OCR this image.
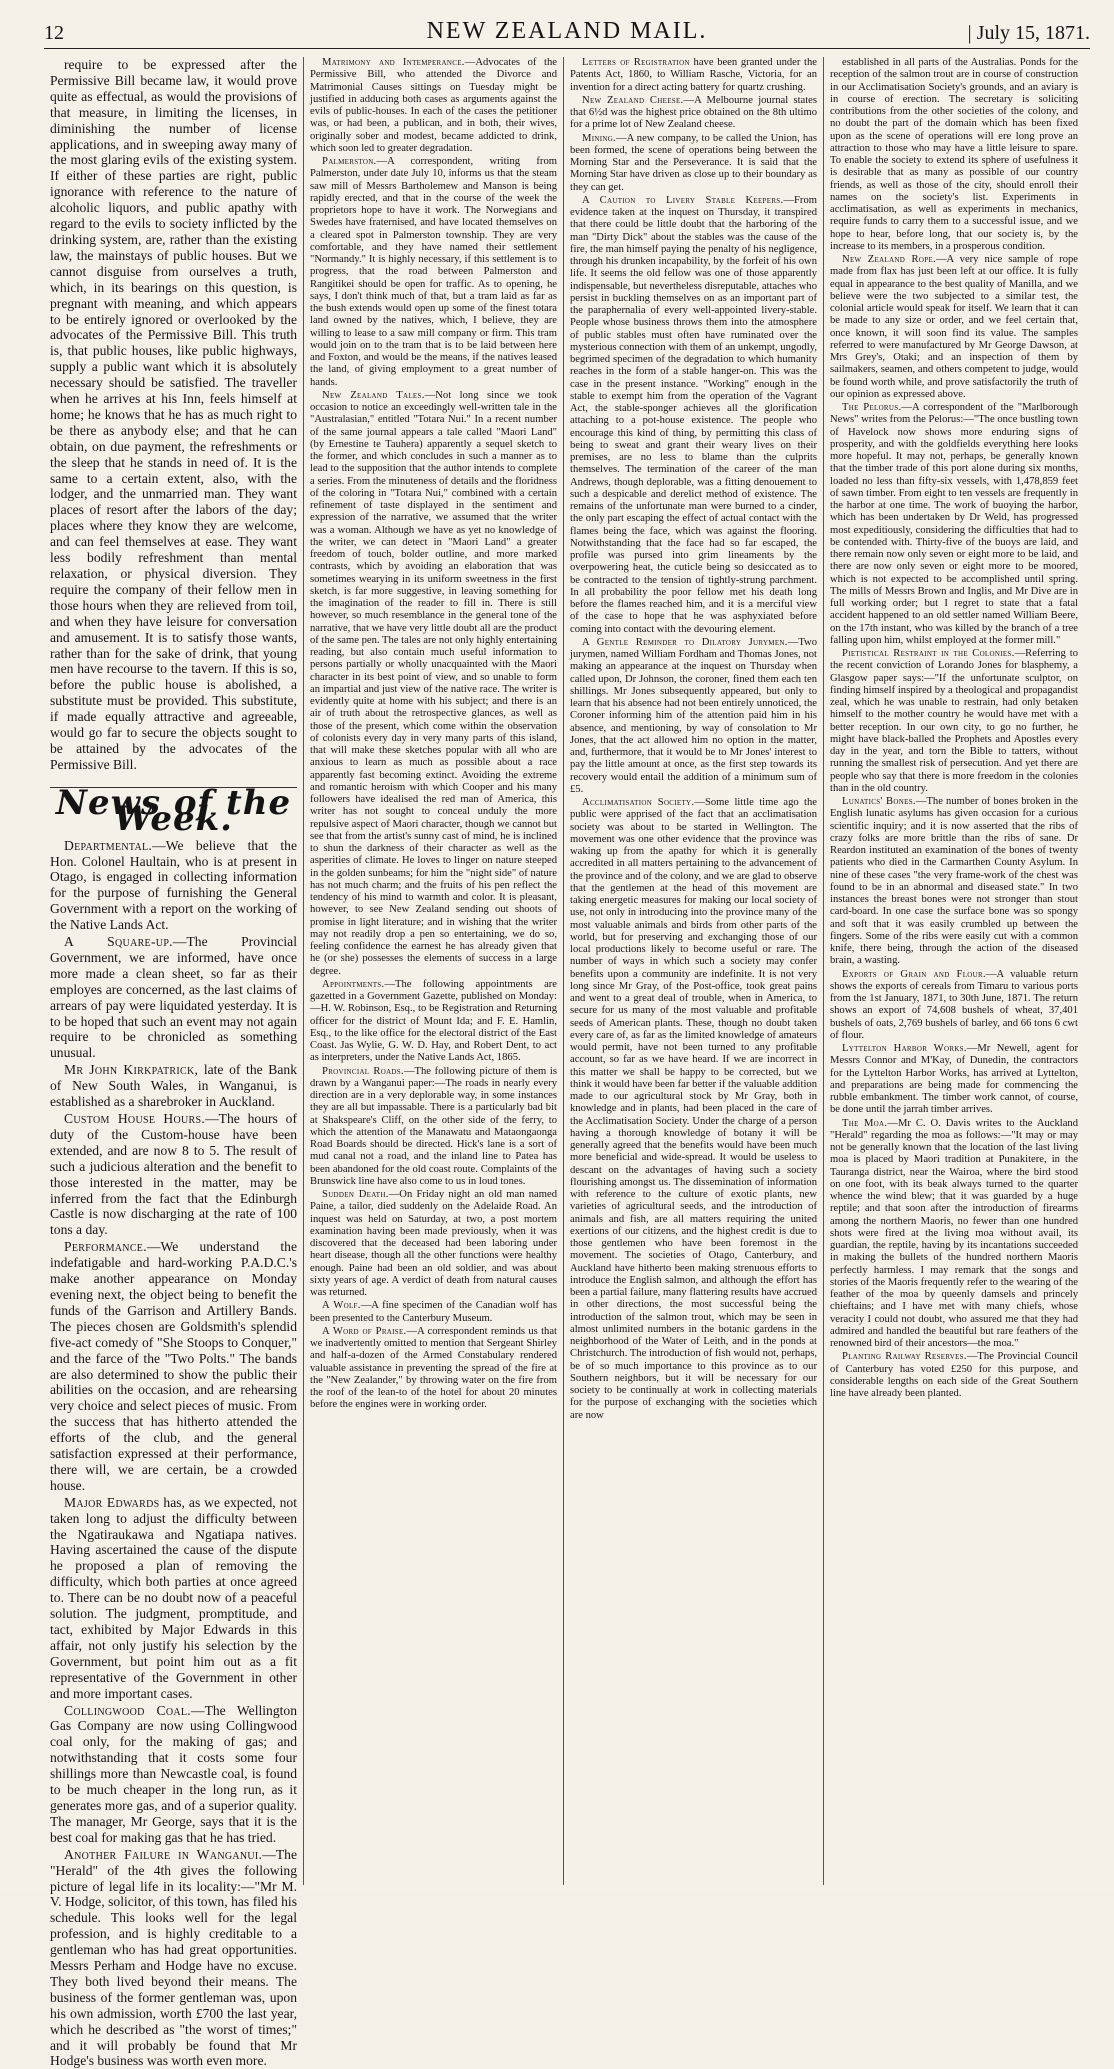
12	NEW ZEALAND MAIL.
|	July 15, 1871.

require to be expressed after the Permissive Bill became law, it would prove quite as effectual, as would the provisions of that measure, in limiting the licenses, in diminishing the number of license applications, and in sweeping away many of the most glaring evils of the existing system. If either of these parties are right, public ignorance with reference to the nature of alcoholic liquors, and public apathy with regard to the evils to society inflicted by the drinking system, are, rather than the existing law, the mainstays of public houses. But we cannot disguise from ourselves a truth, which, in its bearings on this question, is pregnant with meaning, and which appears to be entirely ignored or overlooked by the advocates of the Permissive Bill. This truth is, that public houses, like public highways, supply a public want which it is absolutely necessary should be satisfied. The traveller when he arrives at his Inn, feels himself at home; he knows that he has as much right to be there as anybody else; and that he can obtain, on due payment, the refreshments or the sleep that he stands in need of. It is the same to a certain extent, also, with the lodger, and the unmarried man. They want places of resort after the labors of the day; places where they know they are welcome, and can feel themselves at ease. They want less bodily refreshment than mental relaxation, or physical diversion. They require the company of their fellow men in those hours when they are relieved from toil, and when they have leisure for conversation and amusement. It is to satisfy those wants, rather than for the sake of drink, that young men have recourse to the tavern. If this is so, before the public house is abolished, a substitute must be provided. This substitute, if made equally attractive and agreeable, would go far to secure the objects sought to be attained by the advocates of the Permissive Bill.

News of the Week.

Departmental.—We believe that the Hon. Colonel Haultain, who is at present in Otago, is engaged in collecting information for the purpose of furnishing the General Government with a report on the working of the Native Lands Act.

A Square-up.—The Provincial Government, we are informed, have once more made a clean sheet, so far as their employes are concerned, as the last claims of arrears of pay were liquidated yesterday. It is to be hoped that such an event may not again require to be chronicled as something unusual.

Mr John Kirkpatrick, late of the Bank of New South Wales, in Wanganui, is established as a sharebroker in Auckland.

Custom House Hours.—The hours of duty of the Custom-house have been extended, and are now 8 to 5. The result of such a judicious alteration and the benefit to those interested in the matter, may be inferred from the fact that the Edinburgh Castle is now discharging at the rate of 100 tons a day.

Performance.—We understand the indefatigable and hard-working P.A.D.C.'s make another appearance on Monday evening next, the object being to benefit the funds of the Garrison and Artillery Bands. The pieces chosen are Goldsmith's splendid five-act comedy of "She Stoops to Conquer," and the farce of the "Two Polts." The bands are also determined to show the public their abilities on the occasion, and are rehearsing very choice and select pieces of music. From the success that has hitherto attended the efforts of the club, and the general satisfaction expressed at their performance, there will, we are certain, be a crowded house.

Major Edwards has, as we expected, not taken long to adjust the difficulty between the Ngatiraukawa and Ngatiapa natives. Having ascertained the cause of the dispute he proposed a plan of removing the difficulty, which both parties at once agreed to. There can be no doubt now of a peaceful solution. The judgment, promptitude, and tact, exhibited by Major Edwards in this affair, not only justify his selection by the Government, but point him out as a fit representative of the Government in other and more important cases.

Collingwood Coal.—The Wellington Gas Company are now using Collingwood coal only, for the making of gas; and notwithstanding that it costs some four shillings more than Newcastle coal, is found to be much cheaper in the long run, as it generates more gas, and of a superior quality. The manager, Mr George, says that it is the best coal for making gas that he has tried.

Another Failure in Wanganui.—The "Herald" of the 4th gives the following picture of legal life in its locality:—"Mr M. V. Hodge, solicitor, of this town, has filed his schedule. This looks well for the legal profession, and is highly creditable to a gentleman who has had great opportunities. Messrs Perham and Hodge have no excuse. They both lived beyond their means. The business of the former gentleman was, upon his own admission, worth £700 the last year, which he described as "the worst of times;" and it will probably be found that Mr Hodge's business was worth even more.

Matrimony and Intemperance.—Advocates of the Permissive Bill, who attended the Divorce and Matrimonial Causes sittings on Tuesday might be justified in adducing both cases as arguments against the evils of public-houses. In each of the cases the petitioner was, or had been, a publican, and in both, their wives, originally sober and modest, became addicted to drink, which soon led to greater degradation.

Palmerston.—A correspondent, writing from Palmerston, under date July 10, informs us that the steam saw mill of Messrs Bartholemew and Manson is being rapidly erected, and that in the course of the week the proprietors hope to have it work. The Norwegians and Swedes have fraternised, and have located themselves on a cleared spot in Palmerston township. They are very comfortable, and they have named their settlement "Normandy." It is highly necessary, if this settlement is to progress, that the road between Palmerston and Rangitikei should be open for traffic. As to opening, he says, I don't think much of that, but a tram laid as far as the bush extends would open up some of the finest totara land owned by the natives, which, I believe, they are willing to lease to a saw mill company or firm. This tram would join on to the tram that is to be laid between here and Foxton, and would be the means, if the natives leased the land, of giving employment to a great number of hands.

New Zealand Tales.—Not long since we took occasion to notice an exceedingly well-written tale in the "Australasian," entitled "Totara Nui." In a recent number of the same journal appears a tale called "Maori Land" (by Ernestine te Tauhera) apparently a sequel sketch to the former, and which concludes in such a manner as to lead to the supposition that the author intends to complete a series. From the minuteness of details and the floridness of the coloring in "Totara Nui," combined with a certain refinement of taste displayed in the sentiment and expression of the narrative, we assumed that the writer was a woman. Although we have as yet no knowledge of the writer, we can detect in "Maori Land" a greater freedom of touch, bolder outline, and more marked contrasts, which by avoiding an elaboration that was sometimes wearying in its uniform sweetness in the first sketch, is far more suggestive, in leaving something for the imagination of the reader to fill in. There is still however, so much resemblance in the general tone of the narrative, that we have very little doubt all are the product of the same pen. The tales are not only highly entertaining reading, but also contain much useful information to persons partially or wholly unacquainted with the Maori character in its best point of view, and so unable to form an impartial and just view of the native race. The writer is evidently quite at home with his subject; and there is an air of truth about the retrospective glances, as well as those of the present, which come within the observation of colonists every day in very many parts of this island, that will make these sketches popular with all who are anxious to learn as much as possible about a race apparently fast becoming extinct. Avoiding the extreme and romantic heroism with which Cooper and his many followers have idealised the red man of America, this writer has not sought to conceal unduly the more repulsive aspect of Maori character, though we cannot but see that from the artist's sunny cast of mind, he is inclined to shun the darkness of their character as well as the asperities of climate. He loves to linger on nature steeped in the golden sunbeams; for him the "night side" of nature has not much charm; and the fruits of his pen reflect the tendency of his mind to warmth and color. It is pleasant, however, to see New Zealand sending out shoots of promise in light literature; and in wishing that the writer may not readily drop a pen so entertaining, we do so, feeling confidence the earnest he has already given that he (or she) possesses the elements of success in a large degree.

Appointments.—The following appointments are gazetted in a Government Gazette, published on Monday:—H. W. Robinson, Esq., to be Registration and Returning officer for the district of Mount Ida; and F. E. Hamlin, Esq., to the like office for the electoral district of the East Coast. Jas Wylie, G. W. D. Hay, and Robert Dent, to act as interpreters, under the Native Lands Act, 1865.

Provincial Roads.—The following picture of them is drawn by a Wanganui paper:—The roads in nearly every direction are in a very deplorable way, in some instances they are all but impassable. There is a particularly bad bit at Shakspeare's Cliff, on the other side of the ferry, to which the attention of the Manawatu and Mataongaonga Road Boards should be directed. Hick's lane is a sort of mud canal not a road, and the inland line to Patea has been abandoned for the old coast route. Complaints of the Brunswick line have also come to us in loud tones.

Sudden Death.—On Friday night an old man named Paine, a tailor, died suddenly on the Adelaide Road. An inquest was held on Saturday, at two, a post mortem examination having been made previously, when it was discovered that the deceased had been laboring under heart disease, though all the other functions were healthy enough. Paine had been an old soldier, and was about sixty years of age. A verdict of death from natural causes was returned.

A Wolf.—A fine specimen of the Canadian wolf has been presented to the Canterbury Museum.

A Word of Praise.—A correspondent reminds us that we inadvertently omitted to mention that Sergeant Shirley and half-a-dozen of the Armed Constabulary rendered valuable assistance in preventing the spread of the fire at the "New Zealander," by throwing water on the fire from the roof of the lean-to of the hotel for about 20 minutes before the engines were in working order.

Letters of Registration have been granted under the Patents Act, 1860, to William Rasche, Victoria, for an invention for a direct acting battery for quartz crushing.

New Zealand Cheese.—A Melbourne journal states that 6½d was the highest price obtained on the 8th ultimo for a prime lot of New Zealand cheese.

Mining.—A new company, to be called the Union, has been formed, the scene of operations being between the Morning Star and the Perseverance. It is said that the Morning Star have driven as close up to their boundary as they can get.

A Caution to Livery Stable Keepers.—From evidence taken at the inquest on Thursday, it transpired that there could be little doubt that the harboring of the man "Dirty Dick" about the stables was the cause of the fire, the man himself paying the penalty of his negligence, through his drunken incapability, by the forfeit of his own life. It seems the old fellow was one of those apparently indispensable, but nevertheless disreputable, attaches who persist in buckling themselves on as an important part of the paraphernalia of every well-appointed livery-stable. People whose business throws them into the atmosphere of public stables must often have ruminated over the mysterious connection with them of an unkempt, ungodly, begrimed specimen of the degradation to which humanity reaches in the form of a stable hanger-on. This was the case in the present instance. "Working" enough in the stable to exempt him from the operation of the Vagrant Act, the stable-sponger achieves all the glorification attaching to a pot-house existence. The people who encourage this kind of thing, by permitting this class of being to sweat and grant their weary lives on their premises, are no less to blame than the culprits themselves. The termination of the career of the man Andrews, though deplorable, was a fitting denouement to such a despicable and derelict method of existence. The remains of the unfortunate man were burned to a cinder, the only part escaping the effect of actual contact with the flames being the face, which was against the flooring. Notwithstanding that the face had so far escaped, the profile was pursed into grim lineaments by the overpowering heat, the cuticle being so desiccated as to be contracted to the tension of tightly-strung parchment. In all probability the poor fellow met his death long before the flames reached him, and it is a merciful view of the case to hope that he was asphyxiated before coming into contact with the devouring element.

A Gentle Reminder to Dilatory Jurymen.—Two jurymen, named William Fordham and Thomas Jones, not making an appearance at the inquest on Thursday when called upon, Dr Johnson, the coroner, fined them each ten shillings. Mr Jones subsequently appeared, but only to learn that his absence had not been entirely unnoticed, the Coroner informing him of the attention paid him in his absence, and mentioning, by way of consolation to Mr Jones, that the act allowed him no option in the matter, and, furthermore, that it would be to Mr Jones' interest to pay the little amount at once, as the first step towards its recovery would entail the addition of a minimum sum of £5.

Acclimatisation Society.—Some little time ago the public were apprised of the fact that an acclimatisation society was about to be started in Wellington. The movement was one other evidence that the province was waking up from the apathy for which it is generally accredited in all matters pertaining to the advancement of the province and of the colony, and we are glad to observe that the gentlemen at the head of this movement are taking energetic measures for making our local society of use, not only in introducing into the province many of the most valuable animals and birds from other parts of the world, but for preserving and exchanging those of our local productions likely to become useful or rare. The number of ways in which such a society may confer benefits upon a community are indefinite. It is not very long since Mr Gray, of the Post-office, took great pains and went to a great deal of trouble, when in America, to secure for us many of the most valuable and profitable seeds of American plants. These, though no doubt taken every care of, as far as the limited knowledge of amateurs would permit, have not been turned to any profitable account, so far as we have heard. If we are incorrect in this matter we shall be happy to be corrected, but we think it would have been far better if the valuable addition made to our agricultural stock by Mr Gray, both in knowledge and in plants, had been placed in the care of the Acclimatisation Society. Under the charge of a person having a thorough knowledge of botany it will be generally agreed that the benefits would have been much more beneficial and wide-spread. It would be useless to descant on the advantages of having such a society flourishing amongst us. The dissemination of information with reference to the culture of exotic plants, new varieties of agricultural seeds, and the introduction of animals and fish, are all matters requiring the united exertions of our citizens, and the highest credit is due to those gentlemen who have been foremost in the movement. The societies of Otago, Canterbury, and Auckland have hitherto been making strenuous efforts to introduce the English salmon, and although the effort has been a partial failure, many flattering results have accrued in other directions, the most successful being the introduction of the salmon trout, which may be seen in almost unlimited numbers in the botanic gardens in the neighborhood of the Water of Leith, and in the ponds at Christchurch. The introduction of fish would not, perhaps, be of so much importance to this province as to our Southern neighbors, but it will be necessary for our society to be continually at work in collecting materials for the purpose of exchanging with the societies which are now

established in all parts of the Australias. Ponds for the reception of the salmon trout are in course of construction in our Acclimatisation Society's grounds, and an aviary is in course of erection. The secretary is soliciting contributions from the other societies of the colony, and no doubt the part of the domain which has been fixed upon as the scene of operations will ere long prove an attraction to those who may have a little leisure to spare. To enable the society to extend its sphere of usefulness it is desirable that as many as possible of our country friends, as well as those of the city, should enroll their names on the society's list. Experiments in acclimatisation, as well as experiments in mechanics, require funds to carry them to a successful issue, and we hope to hear, before long, that our society is, by the increase to its members, in a prosperous condition.

New Zealand Rope.—A very nice sample of rope made from flax has just been left at our office. It is fully equal in appearance to the best quality of Manilla, and we believe were the two subjected to a similar test, the colonial article would speak for itself. We learn that it can be made to any size or order, and we feel certain that, once known, it will soon find its value. The samples referred to were manufactured by Mr George Dawson, at Mrs Grey's, Otaki; and an inspection of them by sailmakers, seamen, and others competent to judge, would be found worth while, and prove satisfactorily the truth of our opinion as expressed above.

The Pelorus.—A correspondent of the "Marlborough News" writes from the Pelorus:—"The once bustling town of Havelock now shows more enduring signs of prosperity, and with the goldfields everything here looks more hopeful. It may not, perhaps, be generally known that the timber trade of this port alone during six months, loaded no less than fifty-six vessels, with 1,478,859 feet of sawn timber. From eight to ten vessels are frequently in the harbor at one time. The work of buoying the harbor, which has been undertaken by Dr Weld, has progressed most expeditiously, considering the difficulties that had to be contended with. Thirty-five of the buoys are laid, and there remain now only seven or eight more to be laid, and there are now only seven or eight more to be moored, which is not expected to be accomplished until spring. The mills of Messrs Brown and Inglis, and Mr Dive are in full working order; but I regret to state that a fatal accident happened to an old settler named William Beere, on the 17th instant, who was killed by the branch of a tree falling upon him, whilst employed at the former mill."

Pietistical Restraint in the Colonies.—Referring to the recent conviction of Lorando Jones for blasphemy, a Glasgow paper says:—"If the unfortunate sculptor, on finding himself inspired by a theological and propagandist zeal, which he was unable to restrain, had only betaken himself to the mother country he would have met with a better reception. In our own city, to go no further, he might have black-balled the Prophets and Apostles every day in the year, and torn the Bible to tatters, without running the smallest risk of persecution. And yet there are people who say that there is more freedom in the colonies than in the old country.

Lunatics' Bones.—The number of bones broken in the English lunatic asylums has given occasion for a curious scientific inquiry; and it is now asserted that the ribs of crazy folks are more brittle than the ribs of sane. Dr Reardon instituted an examination of the bones of twenty patients who died in the Carmarthen County Asylum. In nine of these cases "the very frame-work of the chest was found to be in an abnormal and diseased state." In two instances the breast bones were not stronger than stout card-board. In one case the surface bone was so spongy and soft that it was easily crumbled up between the fingers. Some of the ribs were easily cut with a common knife, there being, through the action of the diseased brain, a wasting.

Exports of Grain and Flour.—A valuable return shows the exports of cereals from Timaru to various ports from the 1st January, 1871, to 30th June, 1871. The return shows an export of 74,608 bushels of wheat, 37,401 bushels of oats, 2,769 bushels of barley, and 66 tons 6 cwt of flour.

Lyttelton Harbor Works.—Mr Newell, agent for Messrs Connor and M'Kay, of Dunedin, the contractors for the Lyttelton Harbor Works, has arrived at Lyttelton, and preparations are being made for commencing the rubble embankment. The timber work cannot, of course, be done until the jarrah timber arrives.

The Moa.—Mr C. O. Davis writes to the Auckland "Herald" regarding the moa as follows:—"It may or may not be generally known that the location of the last living moa is placed by Maori tradition at Punakitere, in the Tauranga district, near the Wairoa, where the bird stood on one foot, with its beak always turned to the quarter whence the wind blew; that it was guarded by a huge reptile; and that soon after the introduction of firearms among the northern Maoris, no fewer than one hundred shots were fired at the living moa without avail, its guardian, the reptile, having by its incantations succeeded in making the bullets of the hundred northern Maoris perfectly harmless. I may remark that the songs and stories of the Maoris frequently refer to the wearing of the feather of the moa by queenly damsels and princely chieftains; and I have met with many chiefs, whose veracity I could not doubt, who assured me that they had admired and handled the beautiful but rare feathers of the renowned bird of their ancestors—the moa."

Planting Railway Reserves.—The Provincial Council of Canterbury has voted £250 for this purpose, and considerable lengths on each side of the Great Southern line have already been planted.
